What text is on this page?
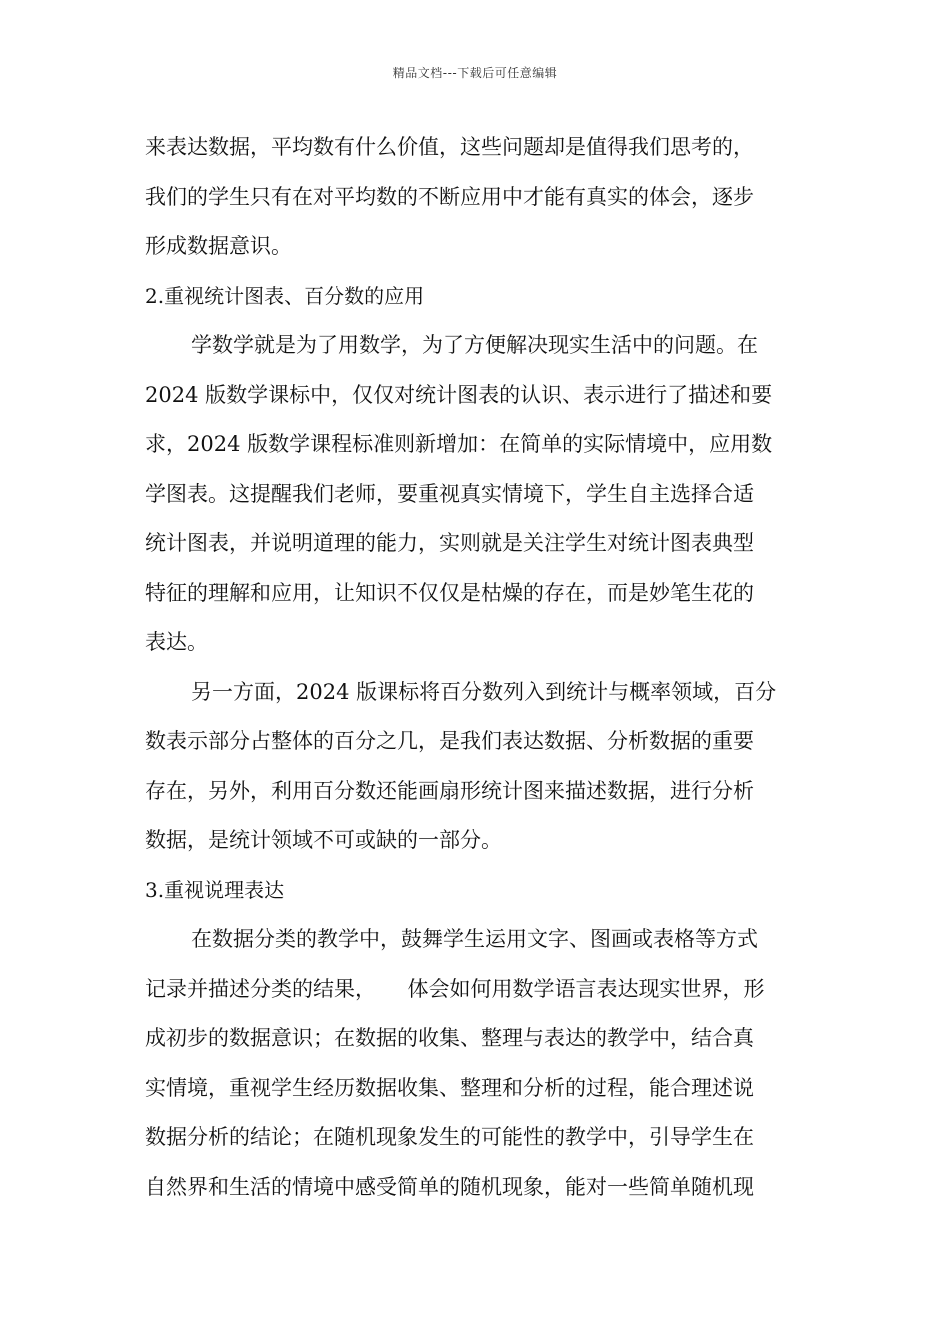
精品文档---下载后可任意编辑
来表达数据，平均数有什么价值，这些问题却是值得我们思考的，
我们的学生只有在对平均数的不断应用中才能有真实的体会，逐步
形成数据意识。
2.重视统计图表、百分数的应用
学数学就是为了用数学，为了方便解决现实生活中的问题。在
2024 版数学课标中，仅仅对统计图表的认识、表示进行了描述和要
求，2024 版数学课程标准则新增加：在简单的实际情境中，应用数
学图表。这提醒我们老师，要重视真实情境下，学生自主选择合适
统计图表，并说明道理的能力，实则就是关注学生对统计图表典型
特征的理解和应用，让知识不仅仅是枯燥的存在，而是妙笔生花的
表达。
另一方面，2024 版课标将百分数列入到统计与概率领域，百分
数表示部分占整体的百分之几，是我们表达数据、分析数据的重要
存在，另外，利用百分数还能画扇形统计图来描述数据，进行分析
数据，是统计领域不可或缺的一部分。
3.重视说理表达
在数据分类的教学中，鼓舞学生运用文字、图画或表格等方式
记录并描述分类的结果，　　体会如何用数学语言表达现实世界，形
成初步的数据意识；在数据的收集、整理与表达的教学中，结合真
实情境，重视学生经历数据收集、整理和分析的过程，能合理述说
数据分析的结论；在随机现象发生的可能性的教学中，引导学生在
自然界和生活的情境中感受简单的随机现象，能对一些简单随机现
